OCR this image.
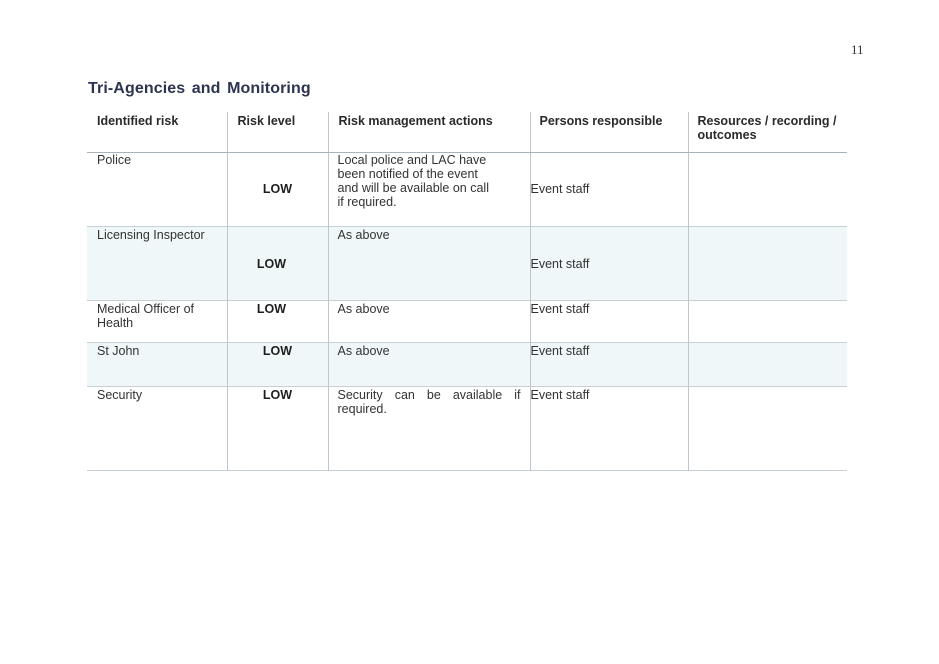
11
Tri-Agencies and Monitoring
Identified risk	Risk level	Risk management actions	Persons responsible	Resources / recording / outcomes
Police	LOW	Local police and LAC have been notified of the event and will be available on call if required.	Event staff	
Licensing Inspector	LOW	As above	Event staff	

Medical Officer of Health	LOW	As above	Event staff	
St John	LOW	As above	Event staff	
Security	LOW	Security can be available if required.	Event staff	
